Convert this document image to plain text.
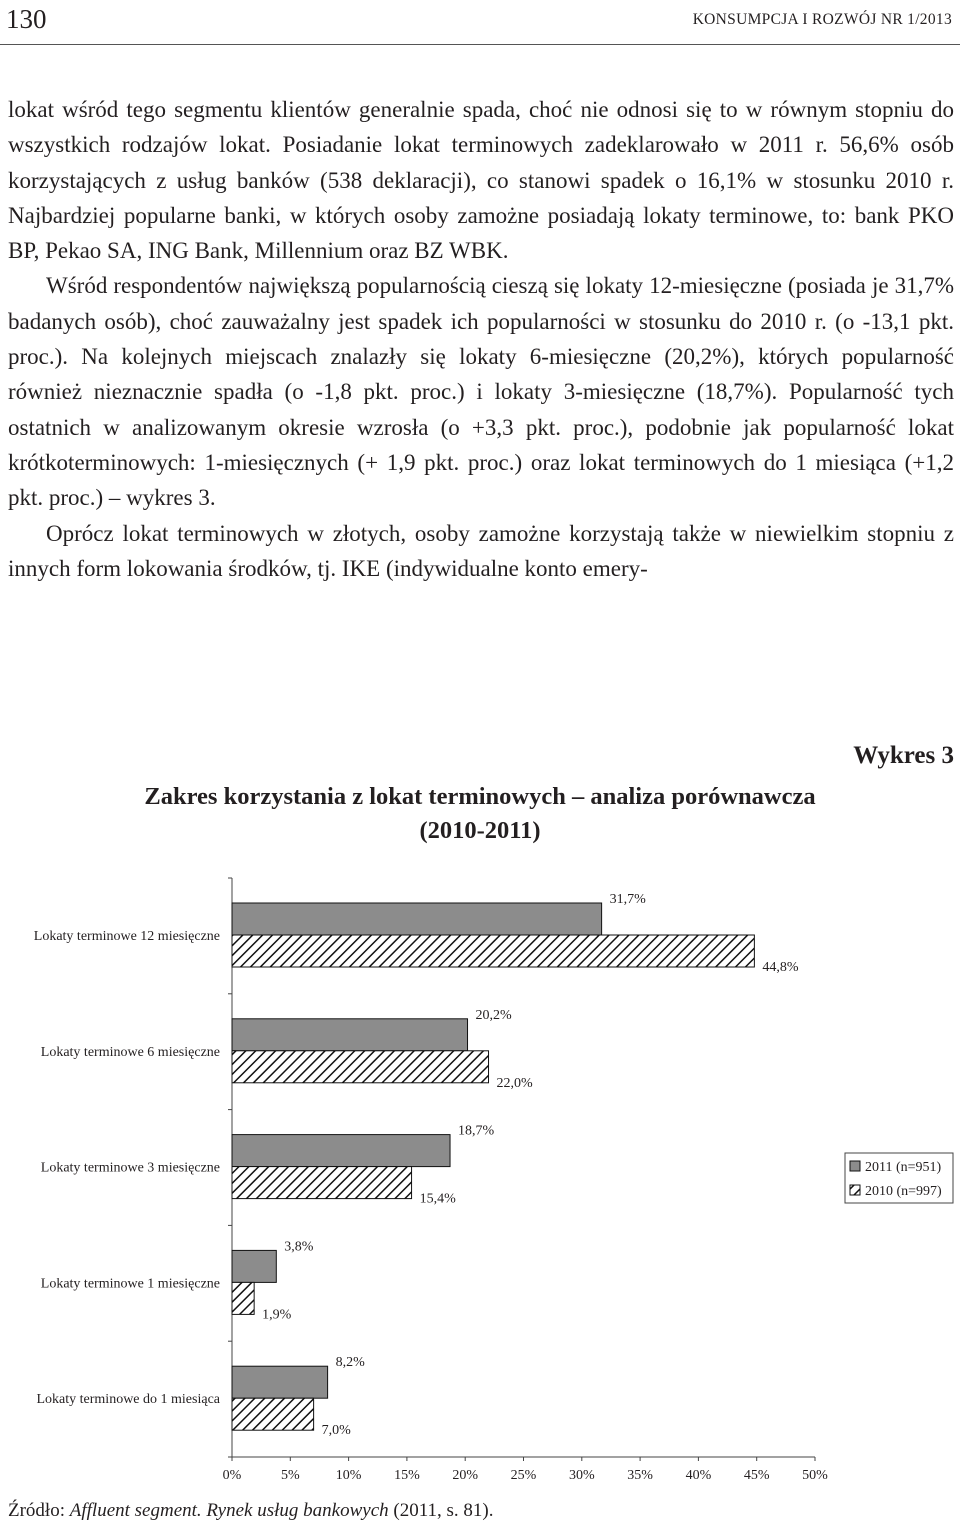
130	KONSUMPCJA I ROZWÓJ NR 1/2013

lokat wśród tego segmentu klientów generalnie spada, choć nie odnosi się to w równym stopniu do wszystkich rodzajów lokat. Posiadanie lokat terminowych zadeklarowało w 2011 r. 56,6% osób korzystających z usług banków (538 deklaracji), co stanowi spadek o 16,1% w stosunku 2010 r. Najbardziej popularne banki, w których osoby zamożne posiadają lokaty terminowe, to: bank PKO BP, Pekao SA, ING Bank, Millennium oraz BZ WBK.

Wśród respondentów największą popularnością cieszą się lokaty 12-miesięczne (posiada je 31,7% badanych osób), choć zauważalny jest spadek ich popularności w stosunku do 2010 r. (o -13,1 pkt. proc.). Na kolejnych miejscach znalazły się lokaty 6-miesięczne (20,2%), których popularność również nieznacznie spadła (o -1,8 pkt. proc.) i lokaty 3-miesięczne (18,7%). Popularność tych ostatnich w analizowanym okresie wzrosła (o +3,3 pkt. proc.), podobnie jak popularność lokat krótkoterminowych: 1-miesięcznych (+ 1,9 pkt. proc.) oraz lokat terminowych do 1 miesiąca (+1,2 pkt. proc.) – wykres 3.

Oprócz lokat terminowych w złotych, osoby zamożne korzystają także w niewielkim stopniu z innych form lokowania środków, tj. IKE (indywidualne konto emery-

Wykres 3
Zakres korzystania z lokat terminowych – analiza porównawcza
(2010-2011)
0%	5%	10% 15% 20% 25% 30% 35% 40% 45% 50%
Lokaty terminowe 12 miesięczne
31,7%
44,8%
Lokaty terminowe 6 miesięczne
20,2%
22,0%
Lokaty terminowe 3 miesięczne
18,7%
15,4%
Lokaty terminowe 1 miesięczne
3,8%
1,9%
Lokaty terminowe do 1 miesiąca
8,2%
7,0%
2011 (n=951)
2010 (n=997)
Źródło: Affluent segment. Rynek usług bankowych (2011, s. 81).
